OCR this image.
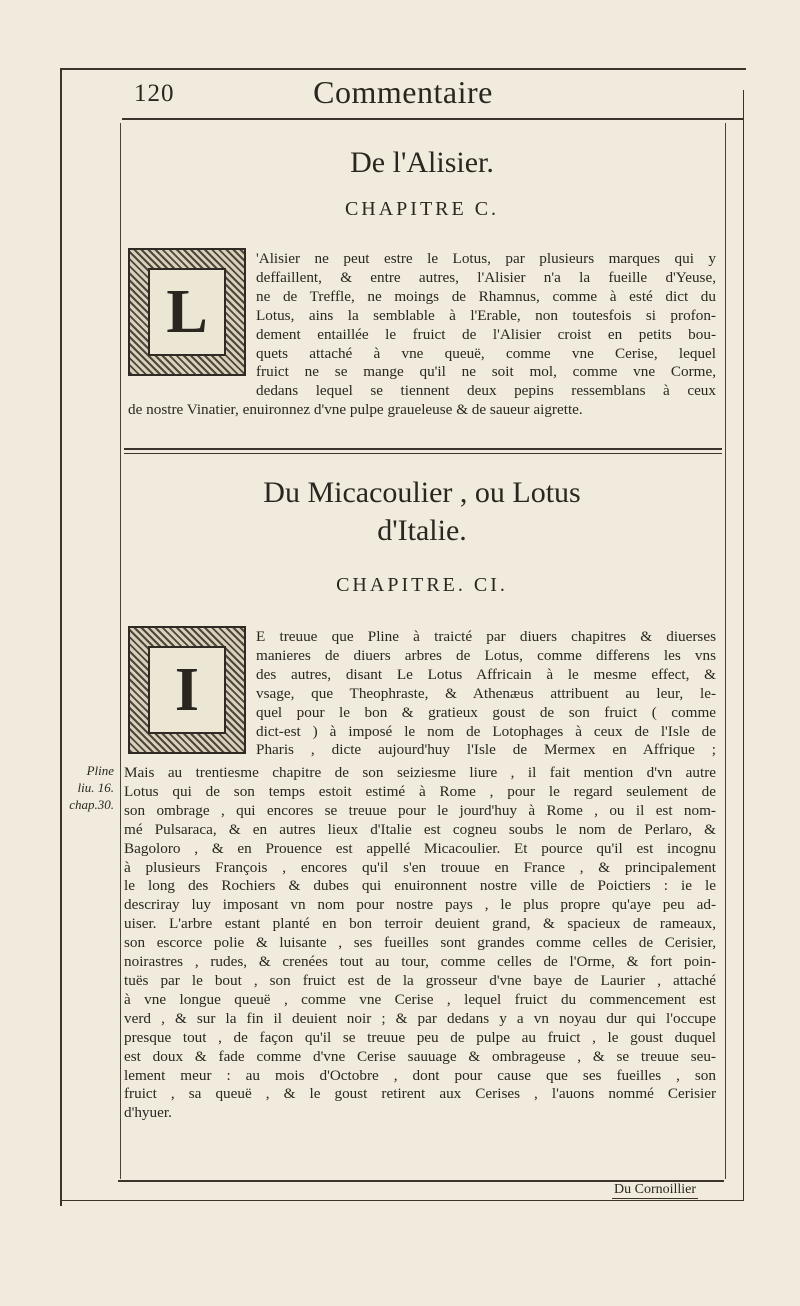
120	Commentaire
De l'Alisier.
CHAPITRE C.
L
'Alisier ne peut estre le Lotus, par plusieurs marques qui y
deffaillent, & entre autres, l'Alisier n'a la fueille d'Yeuse,
ne de Treffle, ne moings de Rhamnus, comme à esté dict du
Lotus, ains la semblable à l'Erable, non toutesfois si profon-
dement entaillée le fruict de l'Alisier croist en petits bou-
quets attaché à vne queuë, comme vne Cerise, lequel
fruict ne se mange qu'il ne soit mol, comme vne Corme,
dedans lequel se tiennent deux pepins ressemblans à ceux
de nostre Vinatier, enuironnez d'vne pulpe graueleuse & de saueur aigrette.
Du Micacoulier , ou Lotus
d'Italie.
CHAPITRE. CI.
I
E treuue que Pline à traicté par diuers chapitres & diuerses
manieres de diuers arbres de Lotus, comme differens les vns
des autres, disant Le Lotus Affricain à le mesme effect, &
vsage, que Theophraste, & Athenæus attribuent au leur, le-
quel pour le bon & gratieux goust de son fruict ( comme
dict-est ) à imposé le nom de Lotophages à ceux de l'Isle de
Pharis , dicte aujourd'huy l'Isle de Mermex en Affrique ;
Pline
liu. 16.
chap.30.
Mais au trentiesme chapitre de son seiziesme liure , il fait mention d'vn autre
Lotus qui de son temps estoit estimé à Rome , pour le regard seulement de
son ombrage , qui encores se treuue pour le jourd'huy à Rome , ou il est nom-
mé Pulsaraca, & en autres lieux d'Italie est cogneu soubs le nom de Perlaro, &
Bagoloro , & en Prouence est appellé Micacoulier. Et pource qu'il est incognu
à plusieurs François , encores qu'il s'en trouue en France , & principalement
le long des Rochiers & dubes qui enuironnent nostre ville de Poictiers : ie le
descriray luy imposant vn nom pour nostre pays , le plus propre qu'aye peu ad-
uiser. L'arbre estant planté en bon terroir deuient grand, & spacieux de rameaux,
son escorce polie & luisante , ses fueilles sont grandes comme celles de Cerisier,
noirastres , rudes, & crenées tout au tour, comme celles de l'Orme, & fort poin-
tuës par le bout , son fruict est de la grosseur d'vne baye de Laurier , attaché
à vne longue queuë , comme vne Cerise , lequel fruict du commencement est
verd , & sur la fin il deuient noir ; & par dedans y a vn noyau dur qui l'occupe
presque tout , de façon qu'il se treuue peu de pulpe au fruict , le goust duquel
est doux & fade comme d'vne Cerise sauuage & ombrageuse , & se treuue seu-
lement meur : au mois d'Octobre , dont pour cause que ses fueilles , son
fruict , sa queuë , & le goust retirent aux Cerises , l'auons nommé Cerisier
d'hyuer.
Du Cornoillier
